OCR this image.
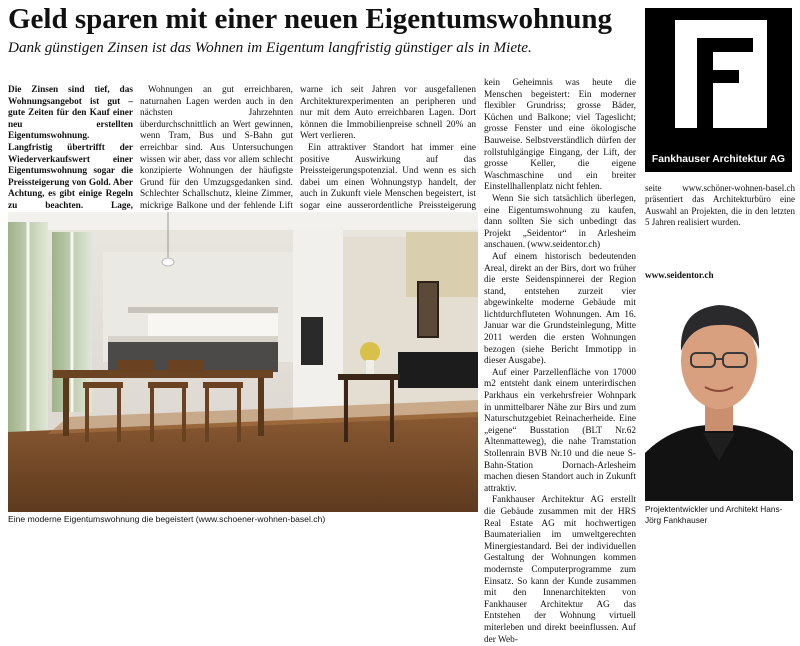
Geld sparen mit einer neuen Eigentumswohnung
Dank günstigen Zinsen ist das Wohnen im Eigentum langfristig günstiger als in Miete.

Die Zinsen sind tief, das Wohnungsangebot ist gut – gute Zeiten für den Kauf einer neu erstellten Eigentumswohnung. Langfristig übertrifft der Wiederverkaufswert einer Eigentumswohnung sogar die Preissteigerung von Gold. Aber Achtung, es gibt einige Regeln zu beachten. Lage,

Wohnungen an gut erreichbaren, naturnahen Lagen werden auch in den nächsten Jahrzehnten überdurchschnittlich an Wert gewinnen, wenn Tram, Bus und S-Bahn gut erreichbar sind. Aus Untersuchungen wissen wir aber, dass vor allem schlecht konzipierte Wohnungen der häufigste Grund für den Umzugsgedanken sind. Schlechter Schallschutz, kleine Zimmer, mickrige Balkone und der fehlende Lift

warne ich seit Jahren vor ausgefallenen Architekturexperimenten an peripheren und nur mit dem Auto erreichbaren Lagen. Dort können die Immobilienpreise schnell 20% an Wert verlieren.

Ein attraktiver Standort hat immer eine positive Auswirkung auf das Preissteigerungspotenzial. Und wenn es sich dabei um einen Wohnungstyp handelt, der auch in Zukunft viele Menschen begeistert, ist sogar eine ausserordentliche Preissteigerung

kein Geheimnis was heute die Menschen begeistert: Ein moderner flexibler Grundriss; grosse Bäder, Küchen und Balkone; viel Tageslicht; grosse Fenster und eine ökologische Bauweise. Selbstverständlich dürfen der rollstuhlgängige Eingang, der Lift, der grosse Keller, die eigene Waschmaschine und ein breiter Einstellhallenplatz nicht fehlen.

Wenn Sie sich tatsächlich überlegen, eine Eigentumswohnung zu kaufen, dann sollten Sie sich unbedingt das Projekt „Seidentor“ in Arlesheim anschauen. (www.seidentor.ch)

Auf einem historisch bedeutenden Areal, direkt an der Birs, dort wo früher die erste Seidenspinnerei der Region stand, entstehen zurzeit vier abgewinkelte moderne Gebäude mit lichtdurchfluteten Wohnungen. Am 16. Januar war die Grundsteinlegung, Mitte 2011 werden die ersten Wohnungen bezogen (siehe Bericht Immotipp in dieser Ausgabe).

Auf einer Parzellenfläche von 17000 m2 entsteht dank einem unterirdischen Parkhaus ein verkehrsfreier Wohnpark in unmittelbarer Nähe zur Birs und zum Naturschutzgebiet Reinacherheide. Eine „eigene“ Busstation (BLT Nr.62 Altenmatteweg), die nahe Tramstation Stollenrain BVB Nr.10 und die neue S-Bahn-Station Dornach-Arlesheim machen diesen Standort auch in Zukunft attraktiv.

Fankhauser Architektur AG erstellt die Gebäude zusammen mit der HRS Real Estate AG mit hochwertigen Baumaterialien im umweltgerechten Minergiestandard. Bei der individuellen Gestaltung der Wohnungen kommen modernste Computerprogramme zum Einsatz. So kann der Kunde zusammen mit den Innenarchitekten von Fankhauser Architektur AG das Entstehen der Wohnung virtuell miterleben und direkt beeinflussen. Auf der Web-

Eine moderne Eigentumswohnung die begeistert (www.schoener-wohnen-basel.ch)
Fankhauser Architektur AG
seite www.schöner-wohnen-basel.ch präsentiert das Architekturbüro eine Auswahl an Projekten, die in den letzten 5 Jahren realisiert wurden.
www.seidentor.ch
Projektentwickler und Architekt Hans-Jörg Fankhauser
